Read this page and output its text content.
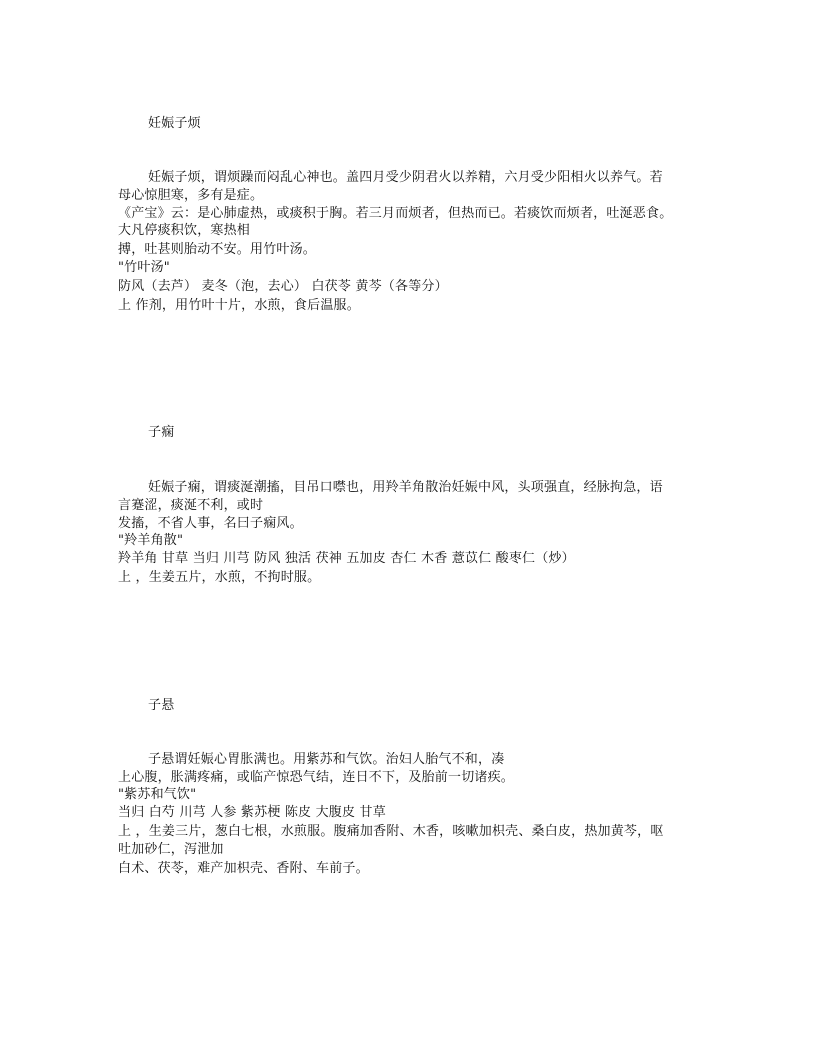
妊娠子烦
妊娠子烦，谓烦躁而闷乱心神也。盖四月受少阴君火以养精，六月受少阳相火以养气。若
母心惊胆寒，多有是症。
《产宝》云：是心肺虚热，或痰积于胸。若三月而烦者，但热而已。若痰饮而烦者，吐涎恶食。
大凡停痰积饮，寒热相
搏，吐甚则胎动不安。用竹叶汤。
"竹叶汤"
防风（去芦） 麦冬（泡，去心） 白茯苓 黄芩（各等分）
上 作剂，用竹叶十片，水煎，食后温服。
子痫
妊娠子痫，谓痰涎潮搐，目吊口噤也，用羚羊角散治妊娠中风，头项强直，经脉拘急，语
言蹇涩，痰涎不利，或时
发搐，不省人事，名曰子痫风。
"羚羊角散"
羚羊角 甘草 当归 川芎 防风 独活 茯神 五加皮 杏仁 木香 薏苡仁 酸枣仁（炒）
上 ，生姜五片，水煎，不拘时服。
子悬
子悬谓妊娠心胃胀满也。用紫苏和气饮。治妇人胎气不和，凑
上心腹，胀满疼痛，或临产惊恐气结，连日不下，及胎前一切诸疾。
"紫苏和气饮"
当归 白芍 川芎 人参 紫苏梗 陈皮 大腹皮 甘草
上 ，生姜三片，葱白七根，水煎服。腹痛加香附、木香，咳嗽加枳壳、桑白皮，热加黄芩，呕
吐加砂仁，泻泄加
白术、茯苓，难产加枳壳、香附、车前子。
